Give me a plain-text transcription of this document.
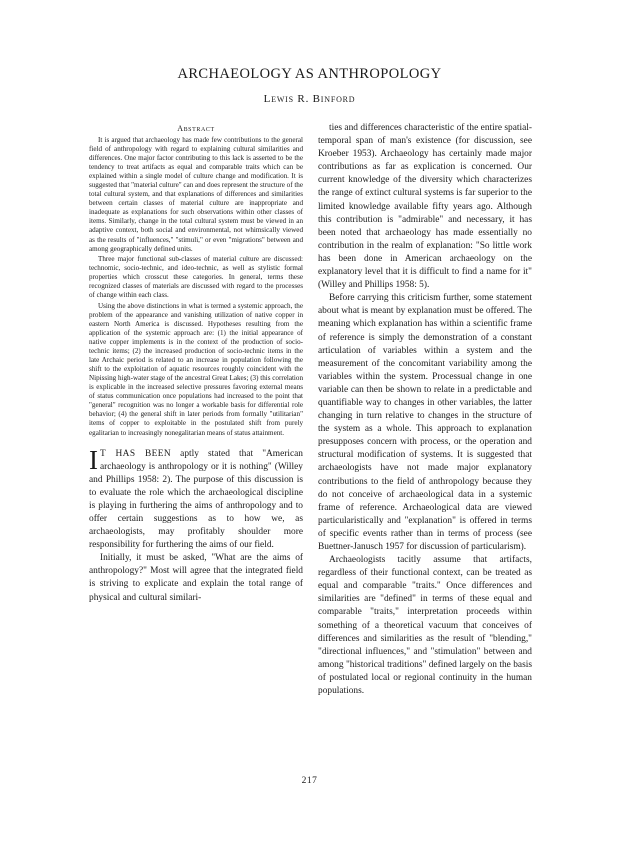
ARCHAEOLOGY AS ANTHROPOLOGY
Lewis R. Binford
Abstract

It is argued that archaeology has made few contributions to the general field of anthropology with regard to explaining cultural similarities and differences. One major factor contributing to this lack is asserted to be the tendency to treat artifacts as equal and comparable traits which can be explained within a single model of culture change and modification. It is suggested that "material culture" can and does represent the structure of the total cultural system, and that explanations of differences and similarities between certain classes of material culture are inappropriate and inadequate as explanations for such observations within other classes of items. Similarly, change in the total cultural system must be viewed in an adaptive context, both social and environmental, not whimsically viewed as the results of "influences," "stimuli," or even "migrations" between and among geographically defined units.

Three major functional sub-classes of material culture are discussed: technomic, socio-technic, and ideo-technic, as well as stylistic formal properties which crosscut these categories. In general, terms these recognized classes of materials are discussed with regard to the processes of change within each class.

Using the above distinctions in what is termed a systemic approach, the problem of the appearance and vanishing utilization of native copper in eastern North America is discussed. Hypotheses resulting from the application of the systemic approach are: (1) the initial appearance of native copper implements is in the context of the production of socio-technic items; (2) the increased production of socio-technic items in the late Archaic period is related to an increase in population following the shift to the exploitation of aquatic resources roughly coincident with the Nipissing high-water stage of the ancestral Great Lakes; (3) this correlation is explicable in the increased selective pressures favoring external means of status communication once populations had increased to the point that "general" recognition was no longer a workable basis for differential role behavior; (4) the general shift in later periods from formally "utilitarian" items of copper to exploitable in the postulated shift from purely egalitarian to increasingly nonegalitarian means of status attainment.

I T HAS BEEN aptly stated that "American archaeology is anthropology or it is nothing" (Willey and Phillips 1958: 2). The purpose of this discussion is to evaluate the role which the archaeological discipline is playing in furthering the aims of anthropology and to offer certain suggestions as to how we, as archaeologists, may profitably shoulder more responsibility for furthering the aims of our field.

Initially, it must be asked, "What are the aims of anthropology?" Most will agree that the integrated field is striving to explicate and explain the total range of physical and cultural similari-

ties and differences characteristic of the entire spatial-temporal span of man's existence (for discussion, see Kroeber 1953). Archaeology has certainly made major contributions as far as explication is concerned. Our current knowledge of the diversity which characterizes the range of extinct cultural systems is far superior to the limited knowledge available fifty years ago. Although this contribution is "admirable" and necessary, it has been noted that archaeology has made essentially no contribution in the realm of explanation: "So little work has been done in American archaeology on the explanatory level that it is difficult to find a name for it" (Willey and Phillips 1958: 5).

Before carrying this criticism further, some statement about what is meant by explanation must be offered. The meaning which explanation has within a scientific frame of reference is simply the demonstration of a constant articulation of variables within a system and the measurement of the concomitant variability among the variables within the system. Processual change in one variable can then be shown to relate in a predictable and quantifiable way to changes in other variables, the latter changing in turn relative to changes in the structure of the system as a whole. This approach to explanation presupposes concern with process, or the operation and structural modification of systems. It is suggested that archaeologists have not made major explanatory contributions to the field of anthropology because they do not conceive of archaeological data in a systemic frame of reference. Archaeological data are viewed particularistically and "explanation" is offered in terms of specific events rather than in terms of process (see Buettner-Janusch 1957 for discussion of particularism).

Archaeologists tacitly assume that artifacts, regardless of their functional context, can be treated as equal and comparable "traits." Once differences and similarities are "defined" in terms of these equal and comparable "traits," interpretation proceeds within something of a theoretical vacuum that conceives of differences and similarities as the result of "blending," "directional influences," and "stimulation" between and among "historical traditions" defined largely on the basis of postulated local or regional continuity in the human populations.

217
